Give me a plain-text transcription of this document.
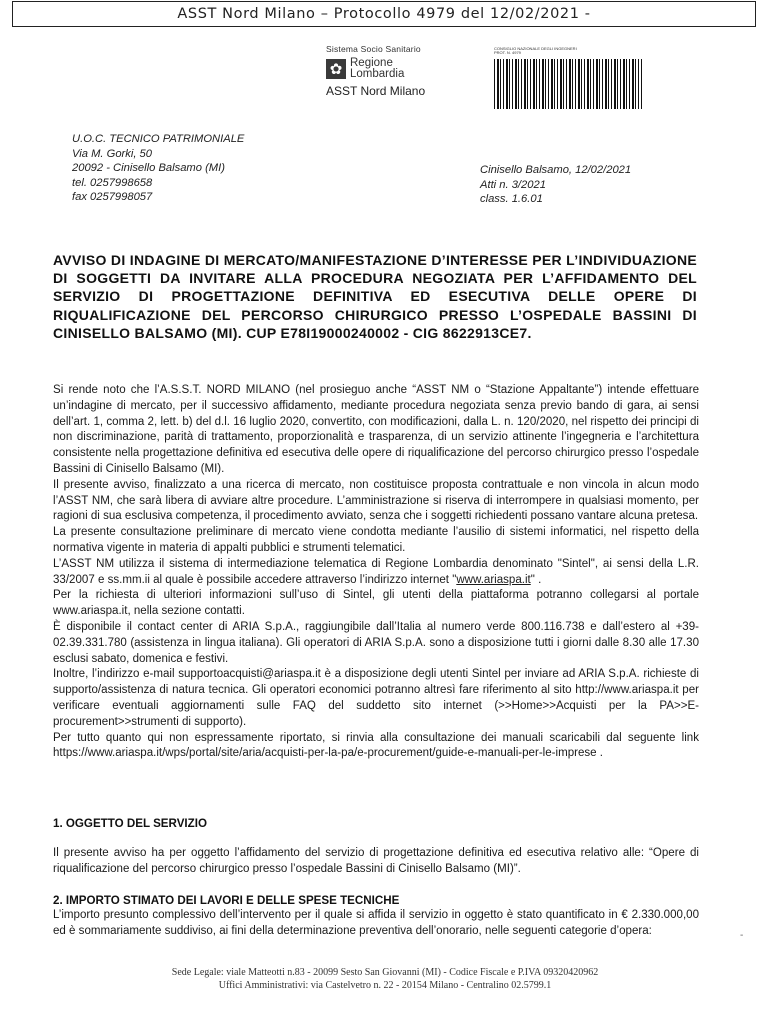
ASST Nord Milano – Protocollo 4979 del 12/02/2021 -
Sistema Socio Sanitario
✿ Regione
Lombardia
ASST Nord Milano
CONSIGLIO NAZIONALE DEGLI INGEGNERI
PROT. N. 4979
U.O.C. TECNICO PATRIMONIALE
Via M. Gorki, 50
20092 - Cinisello Balsamo (MI)
tel. 0257998658
fax 0257998057
Cinisello Balsamo, 12/02/2021
Atti n. 3/2021
class. 1.6.01
AVVISO DI INDAGINE DI MERCATO/MANIFESTAZIONE D’INTERESSE PER L’INDIVIDUAZIONE DI SOGGETTI DA INVITARE ALLA PROCEDURA NEGOZIATA PER L’AFFIDAMENTO DEL SERVIZIO DI PROGETTAZIONE DEFINITIVA ED ESECUTIVA DELLE OPERE DI RIQUALIFICAZIONE DEL PERCORSO CHIRURGICO PRESSO L’OSPEDALE BASSINI DI CINISELLO BALSAMO (MI). CUP E78I19000240002 - CIG 8622913CE7.

Si rende noto che l’A.S.S.T. NORD MILANO (nel prosieguo anche “ASST NM o “Stazione Appaltante”) intende effettuare un’indagine di mercato, per il successivo affidamento, mediante procedura negoziata senza previo bando di gara, ai sensi dell’art. 1, comma 2, lett. b) del d.l. 16 luglio 2020, convertito, con modificazioni, dalla L. n. 120/2020, nel rispetto dei principi di non discriminazione, parità di trattamento, proporzionalità e trasparenza, di un servizio attinente l’ingegneria e l’architettura consistente nella progettazione definitiva ed esecutiva delle opere di riqualificazione del percorso chirurgico presso l’ospedale Bassini di Cinisello Balsamo (MI).

Il presente avviso, finalizzato a una ricerca di mercato, non costituisce proposta contrattuale e non vincola in alcun modo l’ASST NM, che sarà libera di avviare altre procedure. L’amministrazione si riserva di interrompere in qualsiasi momento, per ragioni di sua esclusiva competenza, il procedimento avviato, senza che i soggetti richiedenti possano vantare alcuna pretesa.

La presente consultazione preliminare di mercato viene condotta mediante l’ausilio di sistemi informatici, nel rispetto della normativa vigente in materia di appalti pubblici e strumenti telematici.

L’ASST NM utilizza il sistema di intermediazione telematica di Regione Lombardia denominato "Sintel", ai sensi della L.R. 33/2007 e ss.mm.ii al quale è possibile accedere attraverso l’indirizzo internet "www.ariaspa.it" .

Per la richiesta di ulteriori informazioni sull’uso di Sintel, gli utenti della piattaforma potranno collegarsi al portale www.ariaspa.it, nella sezione contatti.

È disponibile il contact center di ARIA S.p.A., raggiungibile dall’Italia al numero verde 800.116.738 e dall’estero al +39-02.39.331.780 (assistenza in lingua italiana). Gli operatori di ARIA S.p.A. sono a disposizione tutti i giorni dalle 8.30 alle 17.30 esclusi sabato, domenica e festivi.

Inoltre, l’indirizzo e-mail supportoacquisti@ariaspa.it è a disposizione degli utenti Sintel per inviare ad ARIA S.p.A. richieste di supporto/assistenza di natura tecnica. Gli operatori economici potranno altresì fare riferimento al sito http://www.ariaspa.it per verificare eventuali aggiornamenti sulle FAQ del suddetto sito internet (>>Home>>Acquisti per la PA>>E-procurement>>strumenti di supporto).

Per tutto quanto qui non espressamente riportato, si rinvia alla consultazione dei manuali scaricabili dal seguente link https://www.ariaspa.it/wps/portal/site/aria/acquisti-per-la-pa/e-procurement/guide-e-manuali-per-le-imprese .

1. OGGETTO DEL SERVIZIO
Il presente avviso ha per oggetto l’affidamento del servizio di progettazione definitiva ed esecutiva relativo alle: “Opere di riqualificazione del percorso chirurgico presso l’ospedale Bassini di Cinisello Balsamo (MI)”.
2. IMPORTO STIMATO DEI LAVORI E DELLE SPESE TECNICHE
L’importo presunto complessivo dell’intervento per il quale si affida il servizio in oggetto è stato quantificato in € 2.330.000,00 ed è sommariamente suddiviso, ai fini della determinazione preventiva dell’onorario, nelle seguenti categorie d’opera:	-
Sede Legale: viale Matteotti n.83 - 20099 Sesto San Giovanni (MI) - Codice Fiscale e P.IVA 09320420962
Uffici Amministrativi: via Castelvetro n. 22 - 20154 Milano - Centralino 02.5799.1
